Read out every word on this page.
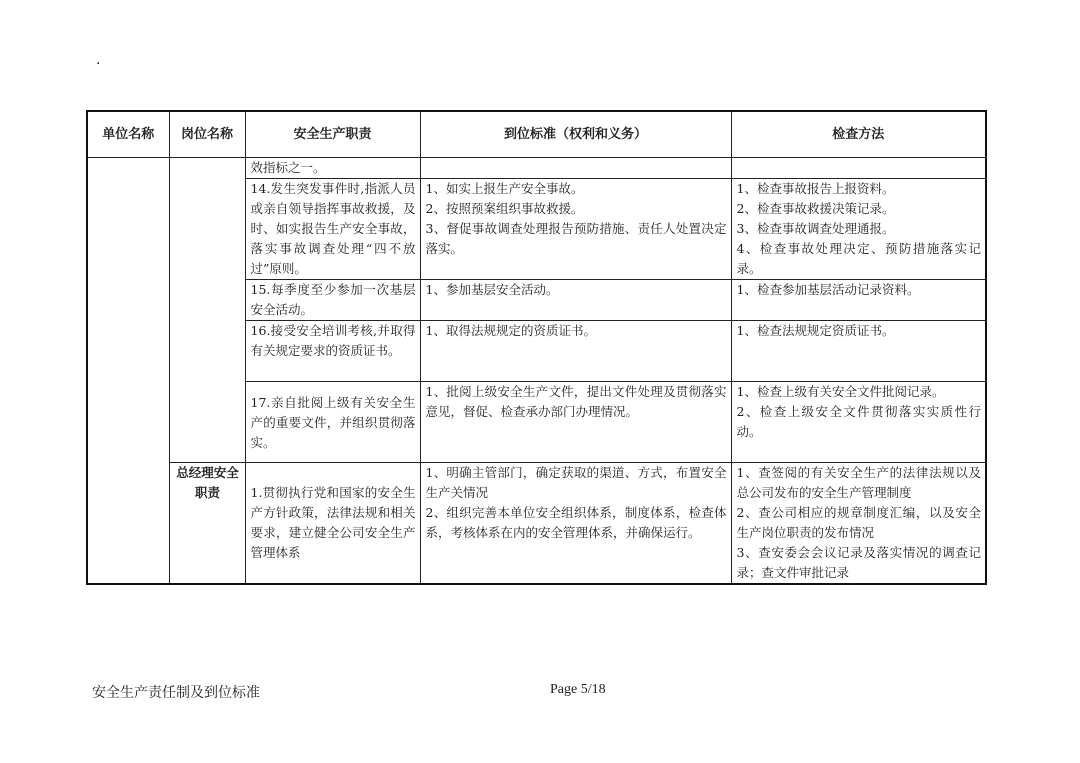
.
单位名称	岗位名称	安全生产职责	到位标准（权利和义务）	检查方法

		效指标之一。		

		14.发生突发事件时,指派人员或亲自领导指挥事故救援，及时、如实报告生产安全事故，落实事故调查处理“四不放过”原则。	1、如实上报生产安全事故。
2、按照预案组织事故救援。
3、督促事故调查处理报告预防措施、责任人处置决定落实。	1、检查事故报告上报资料。
2、检查事故救援决策记录。
3、检查事故调查处理通报。
4、检查事故处理决定、预防措施落实记录。

		15.每季度至少参加一次基层安全活动。	1、参加基层安全活动。	1、检查参加基层活动记录资料。

		16.接受安全培训考核,并取得有关规定要求的资质证书。	1、取得法规规定的资质证书。	1、检查法规规定资质证书。

		17.亲自批阅上级有关安全生产的重要文件，并组织贯彻落实。	1、批阅上级安全生产文件，提出文件处理及贯彻落实意见，督促、检查承办部门办理情况。	1、检查上级有关安全文件批阅记录。
2、检查上级安全文件贯彻落实实质性行动。

	总经理安全职责	1.贯彻执行党和国家的安全生产方针政策，法律法规和相关要求，建立健全公司安全生产管理体系	1、明确主管部门，确定获取的渠道、方式，布置安全生产关情况
2、组织完善本单位安全组织体系，制度体系，检查体系，考核体系在内的安全管理体系，并确保运行。	1、查签阅的有关安全生产的法律法规以及总公司发布的安全生产管理制度
2、查公司相应的规章制度汇编，以及安全生产岗位职责的发布情况
3、查安委会会议记录及落实情况的调查记录；查文件审批记录
安全生产责任制及到位标准	Page 5/18
